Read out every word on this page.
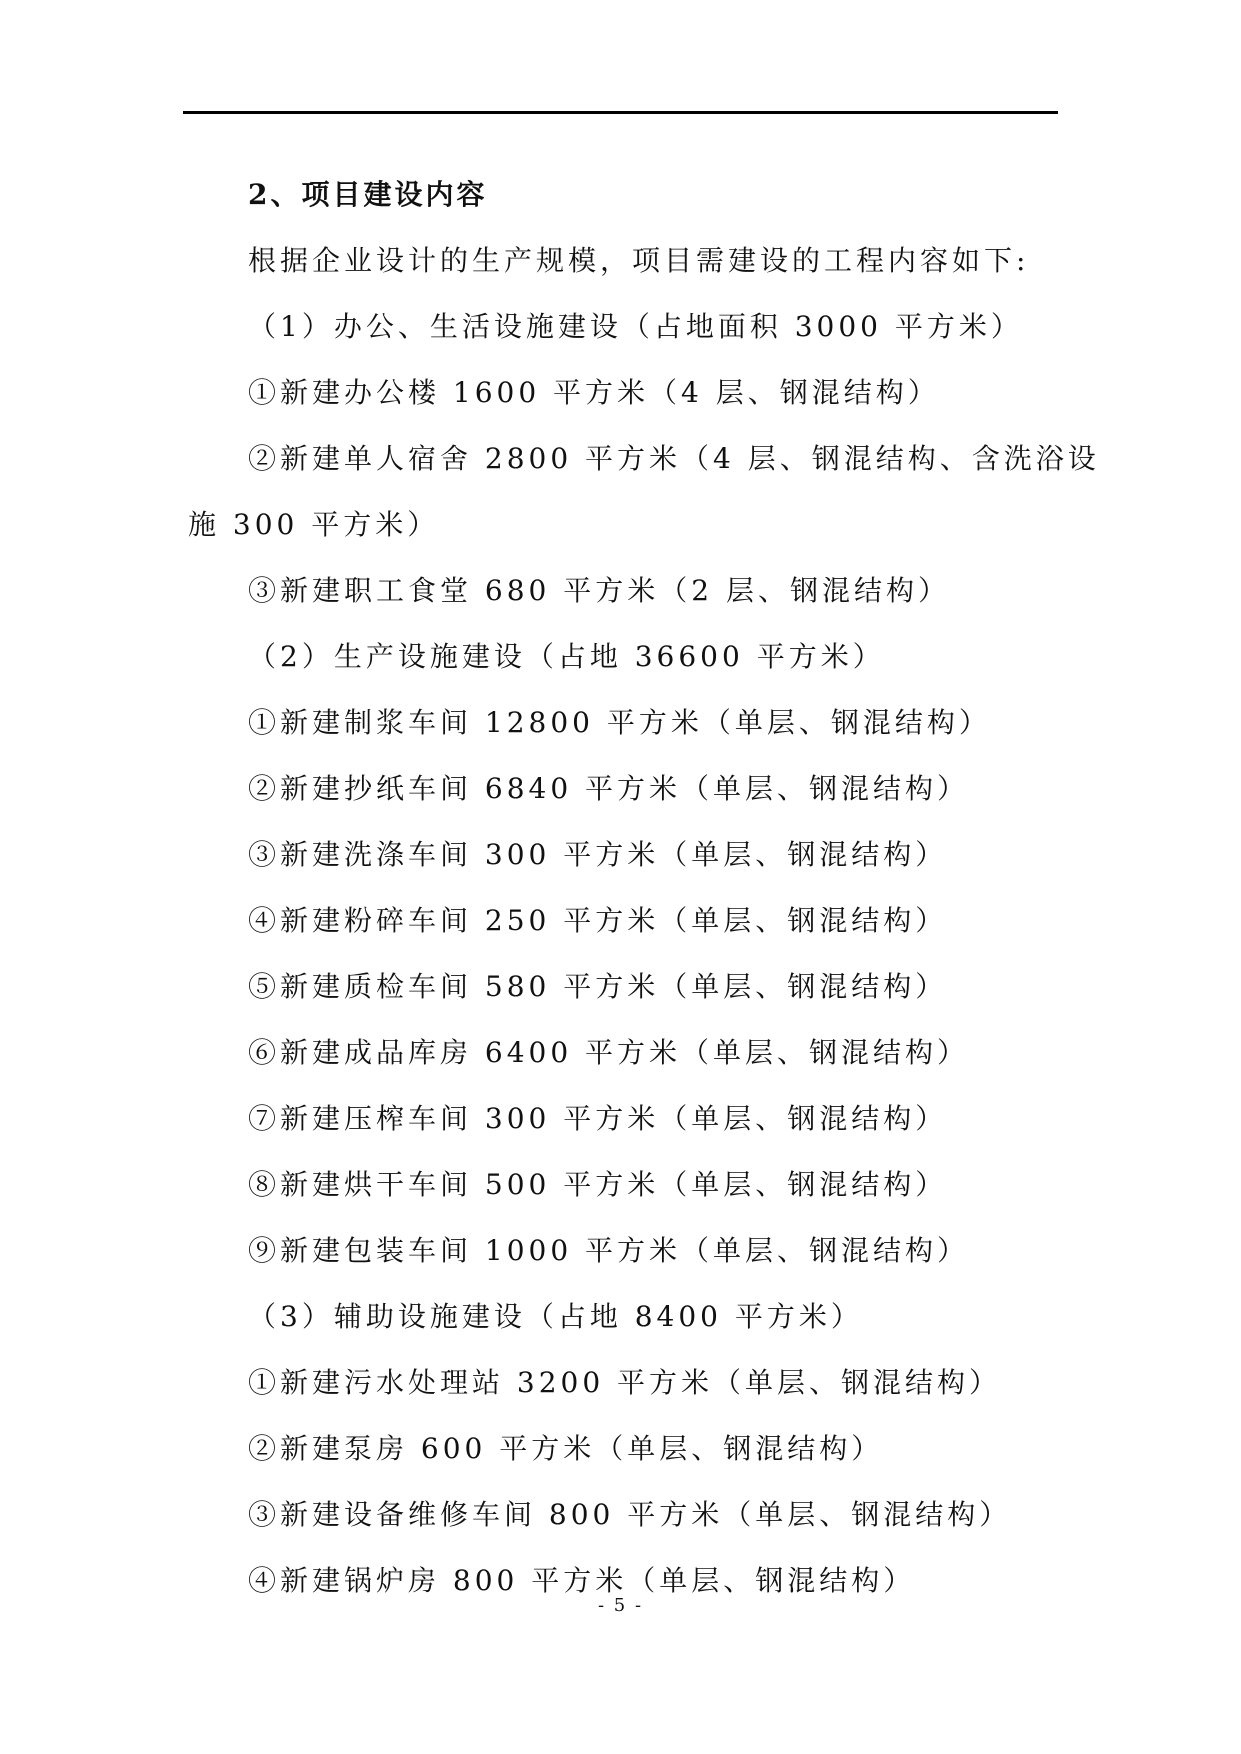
2、项目建设内容
根据企业设计的生产规模，项目需建设的工程内容如下:
（1）办公、生活设施建设（占地面积 3000 平方米）
①新建办公楼 1600 平方米（4 层、钢混结构）
②新建单人宿舍 2800 平方米（4 层、钢混结构、含洗浴设
施 300 平方米）
③新建职工食堂 680 平方米（2 层、钢混结构）
（2）生产设施建设（占地 36600 平方米）
①新建制浆车间 12800 平方米（单层、钢混结构）
②新建抄纸车间 6840 平方米（单层、钢混结构）
③新建洗涤车间 300 平方米（单层、钢混结构）
④新建粉碎车间 250 平方米（单层、钢混结构）
⑤新建质检车间 580 平方米（单层、钢混结构）
⑥新建成品库房 6400 平方米（单层、钢混结构）
⑦新建压榨车间 300 平方米（单层、钢混结构）
⑧新建烘干车间 500 平方米（单层、钢混结构）
⑨新建包装车间 1000 平方米（单层、钢混结构）
（3）辅助设施建设（占地 8400 平方米）
①新建污水处理站 3200 平方米（单层、钢混结构）
②新建泵房 600 平方米（单层、钢混结构）
③新建设备维修车间 800 平方米（单层、钢混结构）
④新建锅炉房 800 平方米（单层、钢混结构）
- 5 -
